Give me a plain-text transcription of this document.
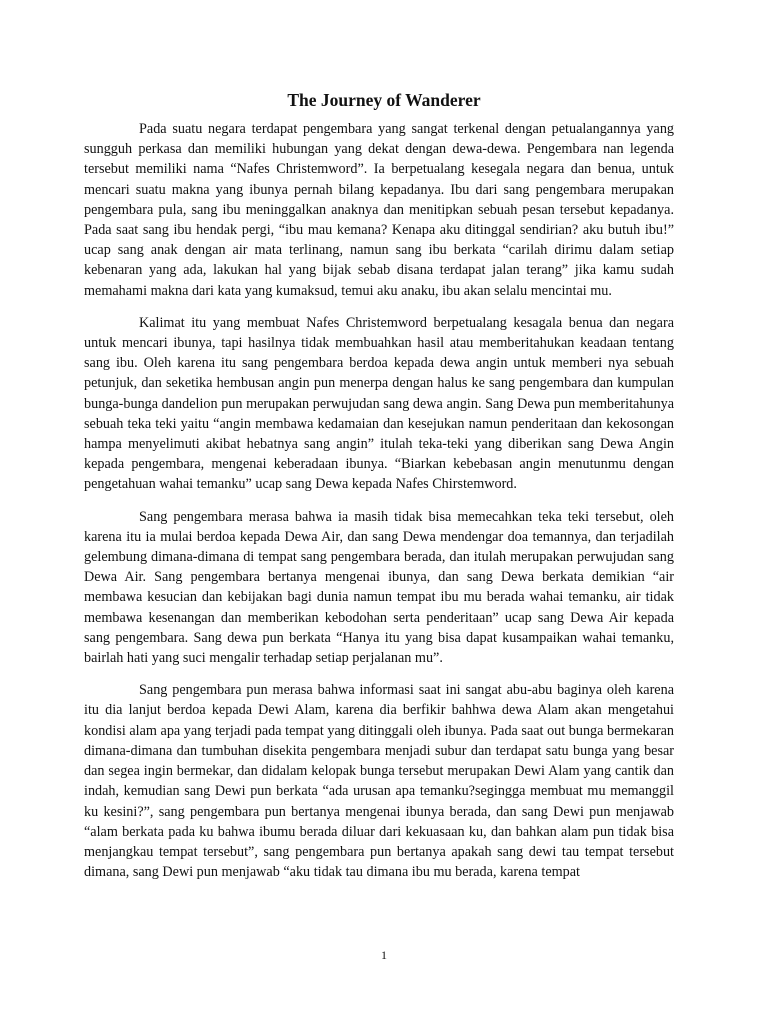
The Journey of Wanderer

Pada suatu negara terdapat pengembara yang sangat terkenal dengan petualangannya yang sungguh perkasa dan memiliki hubungan yang dekat dengan dewa-dewa. Pengembara nan legenda tersebut memiliki nama “Nafes Christemword”. Ia berpetualang kesegala negara dan benua, untuk mencari suatu makna yang ibunya pernah bilang kepadanya. Ibu dari sang pengembara merupakan pengembara pula, sang ibu meninggalkan anaknya dan menitipkan sebuah pesan tersebut kepadanya. Pada saat sang ibu hendak pergi, “ibu mau kemana? Kenapa aku ditinggal sendirian? aku butuh ibu!” ucap sang anak dengan air mata terlinang, namun sang ibu berkata “carilah dirimu dalam setiap kebenaran yang ada, lakukan hal yang bijak sebab disana terdapat jalan terang” jika kamu sudah memahami makna dari kata yang kumaksud, temui aku anaku, ibu akan selalu mencintai mu.

Kalimat itu yang membuat Nafes Christemword berpetualang kesagala benua dan negara untuk mencari ibunya, tapi hasilnya tidak membuahkan hasil atau memberitahukan keadaan tentang sang ibu. Oleh karena itu sang pengembara berdoa kepada dewa angin untuk memberi nya sebuah petunjuk, dan seketika hembusan angin pun menerpa dengan halus ke sang pengembara dan kumpulan bunga-bunga dandelion pun merupakan perwujudan sang dewa angin. Sang Dewa pun memberitahunya sebuah teka teki yaitu “angin membawa kedamaian dan kesejukan namun penderitaan dan kekosongan hampa menyelimuti akibat hebatnya sang angin” itulah teka-teki yang diberikan sang Dewa Angin kepada pengembara, mengenai keberadaan ibunya. “Biarkan kebebasan angin menutunmu dengan pengetahuan wahai temanku” ucap sang Dewa kepada Nafes Chirstemword.

Sang pengembara merasa bahwa ia masih tidak bisa memecahkan teka teki tersebut, oleh karena itu ia mulai berdoa kepada Dewa Air, dan sang Dewa mendengar doa temannya, dan terjadilah gelembung dimana-dimana di tempat sang pengembara berada, dan itulah merupakan perwujudan sang Dewa Air. Sang pengembara bertanya mengenai ibunya, dan sang Dewa berkata demikian “air membawa kesucian dan kebijakan bagi dunia namun tempat ibu mu berada wahai temanku, air tidak membawa kesenangan dan memberikan kebodohan serta penderitaan” ucap sang Dewa Air kepada sang pengembara. Sang dewa pun berkata “Hanya itu yang bisa dapat kusampaikan wahai temanku, bairlah hati yang suci mengalir terhadap setiap perjalanan mu”.

Sang pengembara pun merasa bahwa informasi saat ini sangat abu-abu baginya oleh karena itu dia lanjut berdoa kepada Dewi Alam, karena dia berfikir bahhwa dewa Alam akan mengetahui kondisi alam apa yang terjadi pada tempat yang ditinggali oleh ibunya. Pada saat out bunga bermekaran dimana-dimana dan tumbuhan disekita pengembara menjadi subur dan terdapat satu bunga yang besar dan segea ingin bermekar, dan didalam kelopak bunga tersebut merupakan Dewi Alam yang cantik dan indah, kemudian sang Dewi pun berkata “ada urusan apa temanku?segingga membuat mu memanggil ku kesini?”, sang pengembara pun bertanya mengenai ibunya berada, dan sang Dewi pun menjawab “alam berkata pada ku bahwa ibumu berada diluar dari kekuasaan ku, dan bahkan alam pun tidak bisa menjangkau tempat tersebut”, sang pengembara pun bertanya apakah sang dewi tau tempat tersebut dimana, sang Dewi pun menjawab “aku tidak tau dimana ibu mu berada, karena tempat

1
